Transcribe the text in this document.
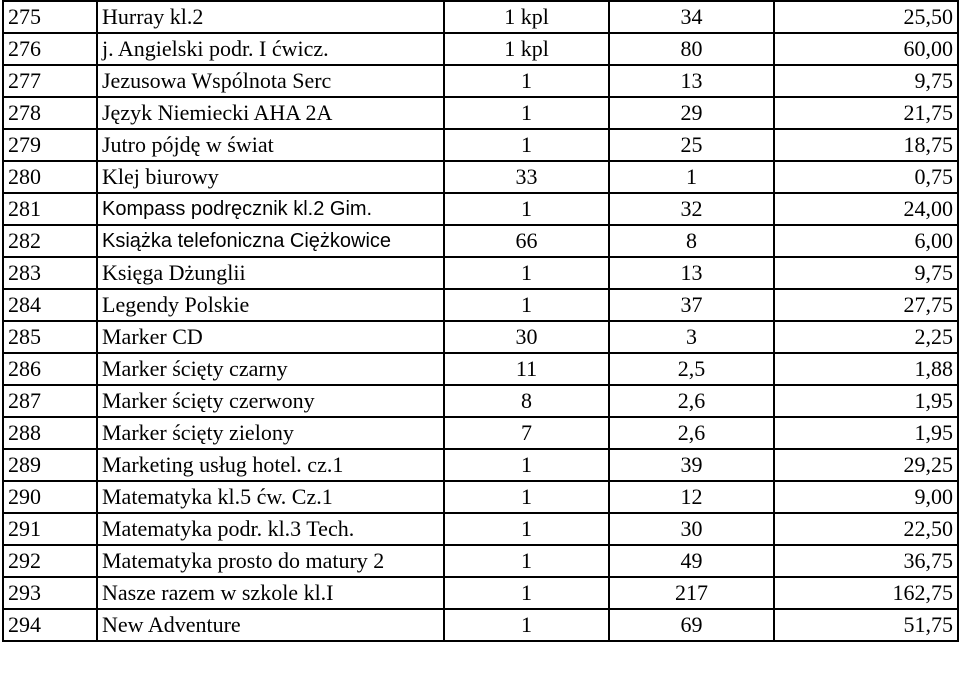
275	Hurray kl.2	1 kpl	34	25,50
276	j. Angielski podr. I ćwicz.	1 kpl	80	60,00
277	Jezusowa Wspólnota Serc	1	13	9,75
278	Język Niemiecki AHA 2A	1	29	21,75
279	Jutro pójdę w świat	1	25	18,75
280	Klej biurowy	33	1	0,75
281	Kompass podręcznik kl.2 Gim.	1	32	24,00
282	Książka telefoniczna Ciężkowice	66	8	6,00
283	Księga Dżunglii	1	13	9,75
284	Legendy Polskie	1	37	27,75
285	Marker CD	30	3	2,25
286	Marker ścięty czarny	11	2,5	1,88
287	Marker ścięty czerwony	8	2,6	1,95
288	Marker ścięty zielony	7	2,6	1,95
289	Marketing usług hotel. cz.1	1	39	29,25
290	Matematyka kl.5 ćw. Cz.1	1	12	9,00
291	Matematyka podr. kl.3 Tech.	1	30	22,50
292	Matematyka prosto do matury 2	1	49	36,75
293	Nasze razem w szkole kl.I	1	217	162,75
294	New Adventure	1	69	51,75
